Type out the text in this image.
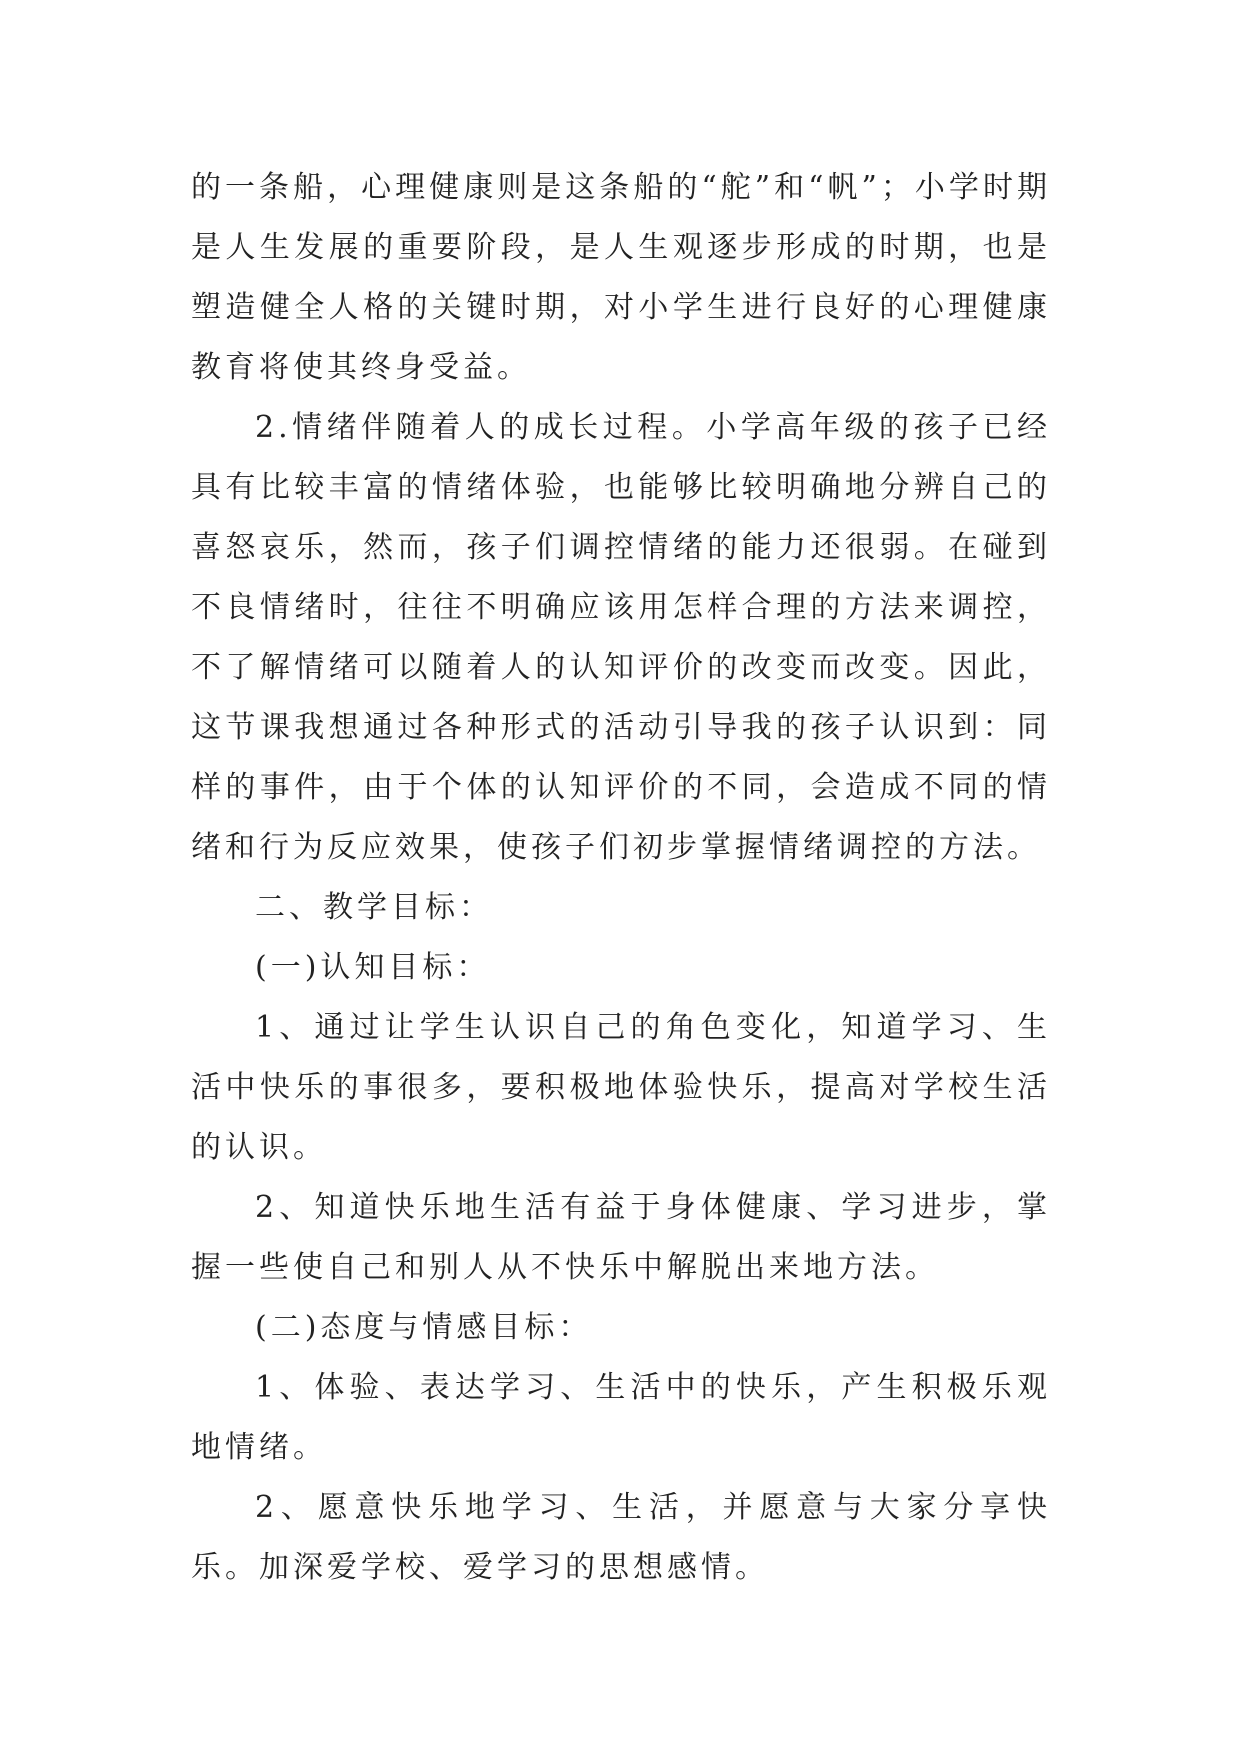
的一条船，心理健康则是这条船的“舵”和“帆”；小学时期是人生发展的重要阶段，是人生观逐步形成的时期，也是塑造健全人格的关键时期，对小学生进行良好的心理健康教育将使其终身受益。

2.情绪伴随着人的成长过程。小学高年级的孩子已经具有比较丰富的情绪体验，也能够比较明确地分辨自己的喜怒哀乐，然而，孩子们调控情绪的能力还很弱。在碰到不良情绪时，往往不明确应该用怎样合理的方法来调控，不了解情绪可以随着人的认知评价的改变而改变。因此，这节课我想通过各种形式的活动引导我的孩子认识到：同样的事件，由于个体的认知评价的不同，会造成不同的情绪和行为反应效果，使孩子们初步掌握情绪调控的方法。

二、教学目标：

(一)认知目标：

1、通过让学生认识自己的角色变化，知道学习、生活中快乐的事很多，要积极地体验快乐，提高对学校生活的认识。

2、知道快乐地生活有益于身体健康、学习进步，掌握一些使自己和别人从不快乐中解脱出来地方法。

(二)态度与情感目标：

1、体验、表达学习、生活中的快乐，产生积极乐观地情绪。

2、愿意快乐地学习、生活，并愿意与大家分享快乐。加深爱学校、爱学习的思想感情。
